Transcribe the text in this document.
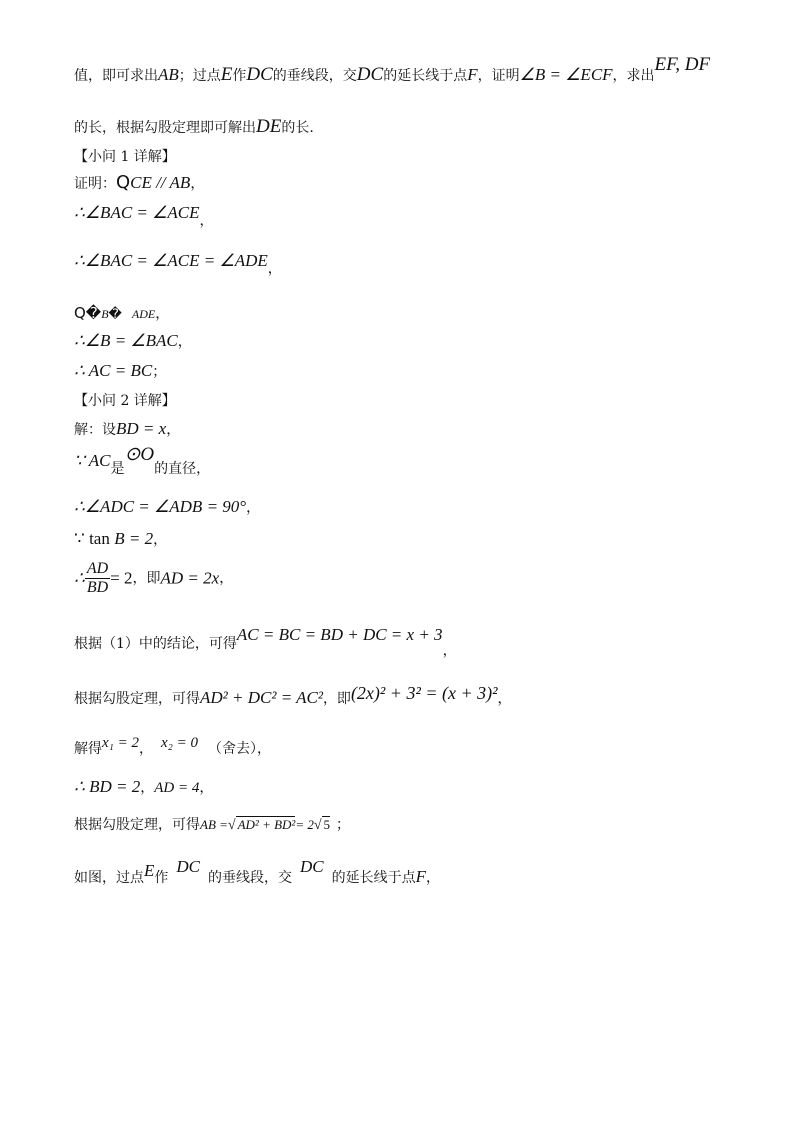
值，即可求出AB；过点E作DC的垂线段，交DC的延长线于点F，证明∠B = ∠ECF，求出EF, DF
的长，根据勾股定理即可解出DE的长.
【小问 1 详解】
证明：QCE // AB，
∴∠BAC = ∠ACE，
∴∠BAC = ∠ACE = ∠ADE，
Q�B� ADE，
∴∠B = ∠BAC，
∴ AC = BC；
【小问 2 详解】
解：设BD = x，
∵ AC是⊙O的直径，
∴∠ADC = ∠ADB = 90°，
∵ tan B = 2，
∴ $\frac{AD}{BD} = 2$，即AD = 2x，
根据（1）中的结论，可得AC = BC = BD + DC = x + 3，
根据勾股定理，可得AD² + DC² = AC²，即(2x)² + 3² = (x + 3)²，
解得x₁ = 2， x₂ = 0 （舍去），
∴ BD = 2，AD = 4，
根据勾股定理，可得AB =√ AD² + BD²= 2√ 5 ；
如图，过点E作DC的垂线段，交DC的延长线于点F，
